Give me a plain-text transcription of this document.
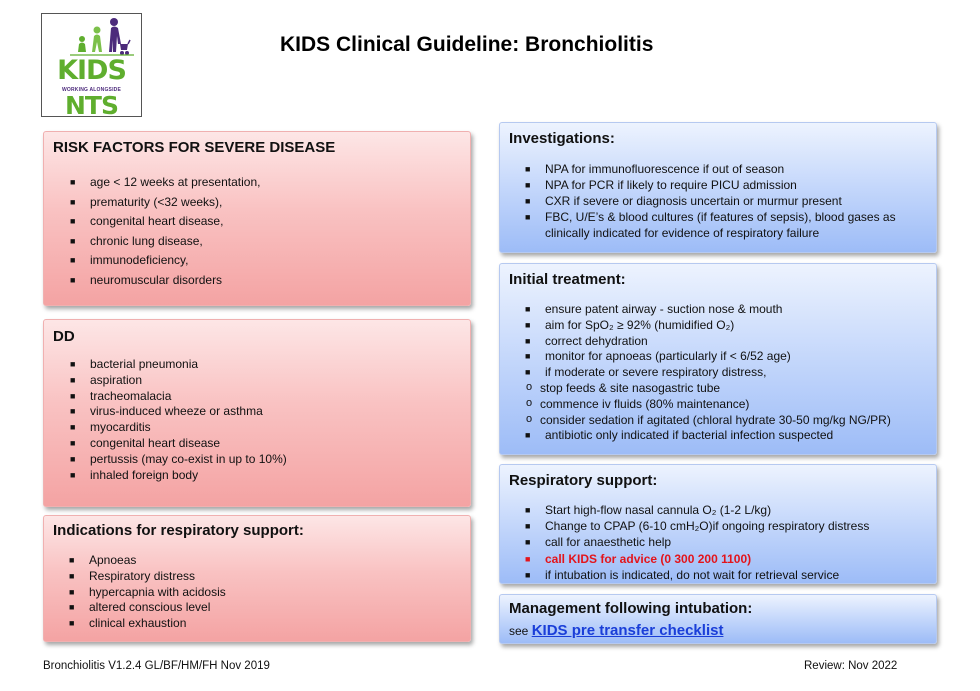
KIDS
WORKING ALONGSIDE
NTS
KIDS Clinical Guideline: Bronchiolitis
RISK FACTORS FOR SEVERE DISEASE
■ age < 12 weeks at presentation,
■ prematurity (<32 weeks),
■ congenital heart disease,
■ chronic lung disease,
■ immunodeficiency,
■ neuromuscular disorders
DD
■ bacterial pneumonia
■ aspiration
■ tracheomalacia
■ virus-induced wheeze or asthma
■ myocarditis
■ congenital heart disease
■ pertussis (may co-exist in up to 10%)
■ inhaled foreign body
Indications for respiratory support:
■ Apnoeas
■ Respiratory distress
■ hypercapnia with acidosis
■ altered conscious level
■ clinical exhaustion
Investigations:
■ NPA for immunofluorescence if out of season
■ NPA for PCR if likely to require PICU admission
■ CXR if severe or diagnosis uncertain or murmur present
■ FBC, U/E’s & blood cultures (if features of sepsis), blood gases as
clinically indicated for evidence of respiratory failure
Initial treatment:
■ ensure patent airway - suction nose & mouth
■ aim for SpO₂ ≥ 92% (humidified O₂)
■ correct dehydration
■ monitor for apnoeas (particularly if < 6/52 age)
■ if moderate or severe respiratory distress,
o stop feeds & site nasogastric tube
o commence iv fluids (80% maintenance)
o consider sedation if agitated (chloral hydrate 30-50 mg/kg NG/PR)
■ antibiotic only indicated if bacterial infection suspected
Respiratory support:
■ Start high-flow nasal cannula O₂ (1-2 L/kg)
■ Change to CPAP (6-10 cmH₂O)if ongoing respiratory distress
■ call for anaesthetic help
■ call KIDS for advice (0 300 200 1100)
■ if intubation is indicated, do not wait for retrieval service
Management following intubation:
see KIDS pre transfer checklist
Bronchiolitis V1.2.4 GL/BF/HM/FH Nov 2019	Review: Nov 2022
